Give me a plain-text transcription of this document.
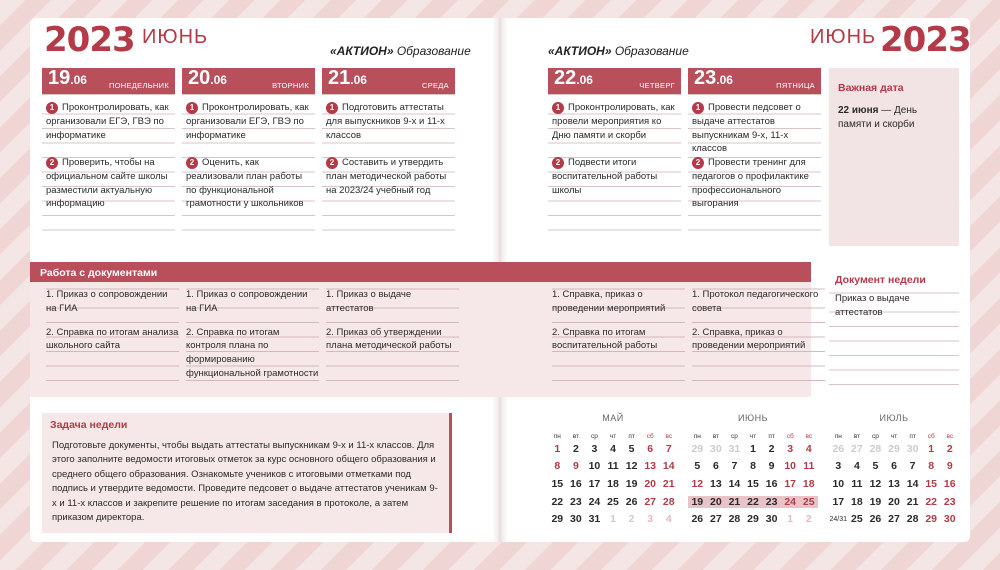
2023 ИЮНЬ
«АКТИОН» Образование	«АКТИОН» Образование
ИЮНЬ 2023
19.06	ПОНЕДЕЛЬНИК
1 Проконтролировать, как организовали ЕГЭ, ГВЭ по информатике
2 Проверить, чтобы на официальном сайте школы разместили актуальную информацию
20.06	ВТОРНИК
1 Проконтролировать, как организовали ЕГЭ, ГВЭ по информатике
2 Оценить, как реализовали план работы по функциональной грамотности у школьников
21.06	СРЕДА
1 Подготовить аттестаты для выпускников 9-х и 11-х классов
2 Составить и утвердить план методической работы на 2023/24 учебный год
22.06	ЧЕТВЕРГ
1 Проконтролировать, как провели мероприятия ко Дню памяти и скорби
2 Подвести итоги воспитательной работы школы
23.06	ПЯТНИЦА
1 Провести педсовет о выдаче аттестатов выпускникам 9-х, 11-х классов
2 Провести тренинг для педагогов о профилактике профессионального выгорания
Важная дата
22 июня — День памяти и скорби
Работа с документами
1. Приказ о сопровождении на ГИА
2. Справка по итогам анализа школьного сайта
1. Приказ о сопровождении на ГИА
2. Справка по итогам контроля плана по формированию функциональной грамотности
1. Приказ о выдаче аттестатов
2. Приказ об утверждении плана методической работы
1. Справка, приказ о проведении мероприятий
2. Справка по итогам воспитательной работы
1. Протокол педагогического совета
2. Справка, приказ о проведении мероприятий
Документ недели
Приказ о выдаче аттестатов
Задача недели
Подготовьте документы, чтобы выдать аттестаты выпускникам 9-х и 11-х классов. Для этого заполните ведомости итоговых отметок за курс основного общего образования и среднего общего образования. Ознакомьте учеников с итоговыми отметками под подпись и утвердите ведомости. Проведите педсовет о выдаче аттестатов ученикам 9-х и 11-х классов и закрепите решение по итогам заседания в протоколе, а затем приказом директора.
МАЙ
пн	вт	ср	чт	пт	сб	вс
1	2	3	4	5	6	7
8	9 10 11 12 13 14
15 16 17 18 19 20 21
22 23 24 25 26 27 28
29 30 31 1	2	3	4
ИЮНЬ
пн	вт	ср	чт	пт	сб	вс
29 30 31 1	2	3	4
5	6	7	8	9 10 11
12 13 14 15 16 17 18
19 20 21 22 23 24 25
26 27 28 29 30 1	2
ИЮЛЬ
пн	вт	ср	чт	пт	сб	вс
26 27 28 29 30 1	2
3	4	5	6	7	8	9
10 11 12 13 14 15 16
17 18 19 20 21 22 23
24/31 25 26 27 28 29 30
